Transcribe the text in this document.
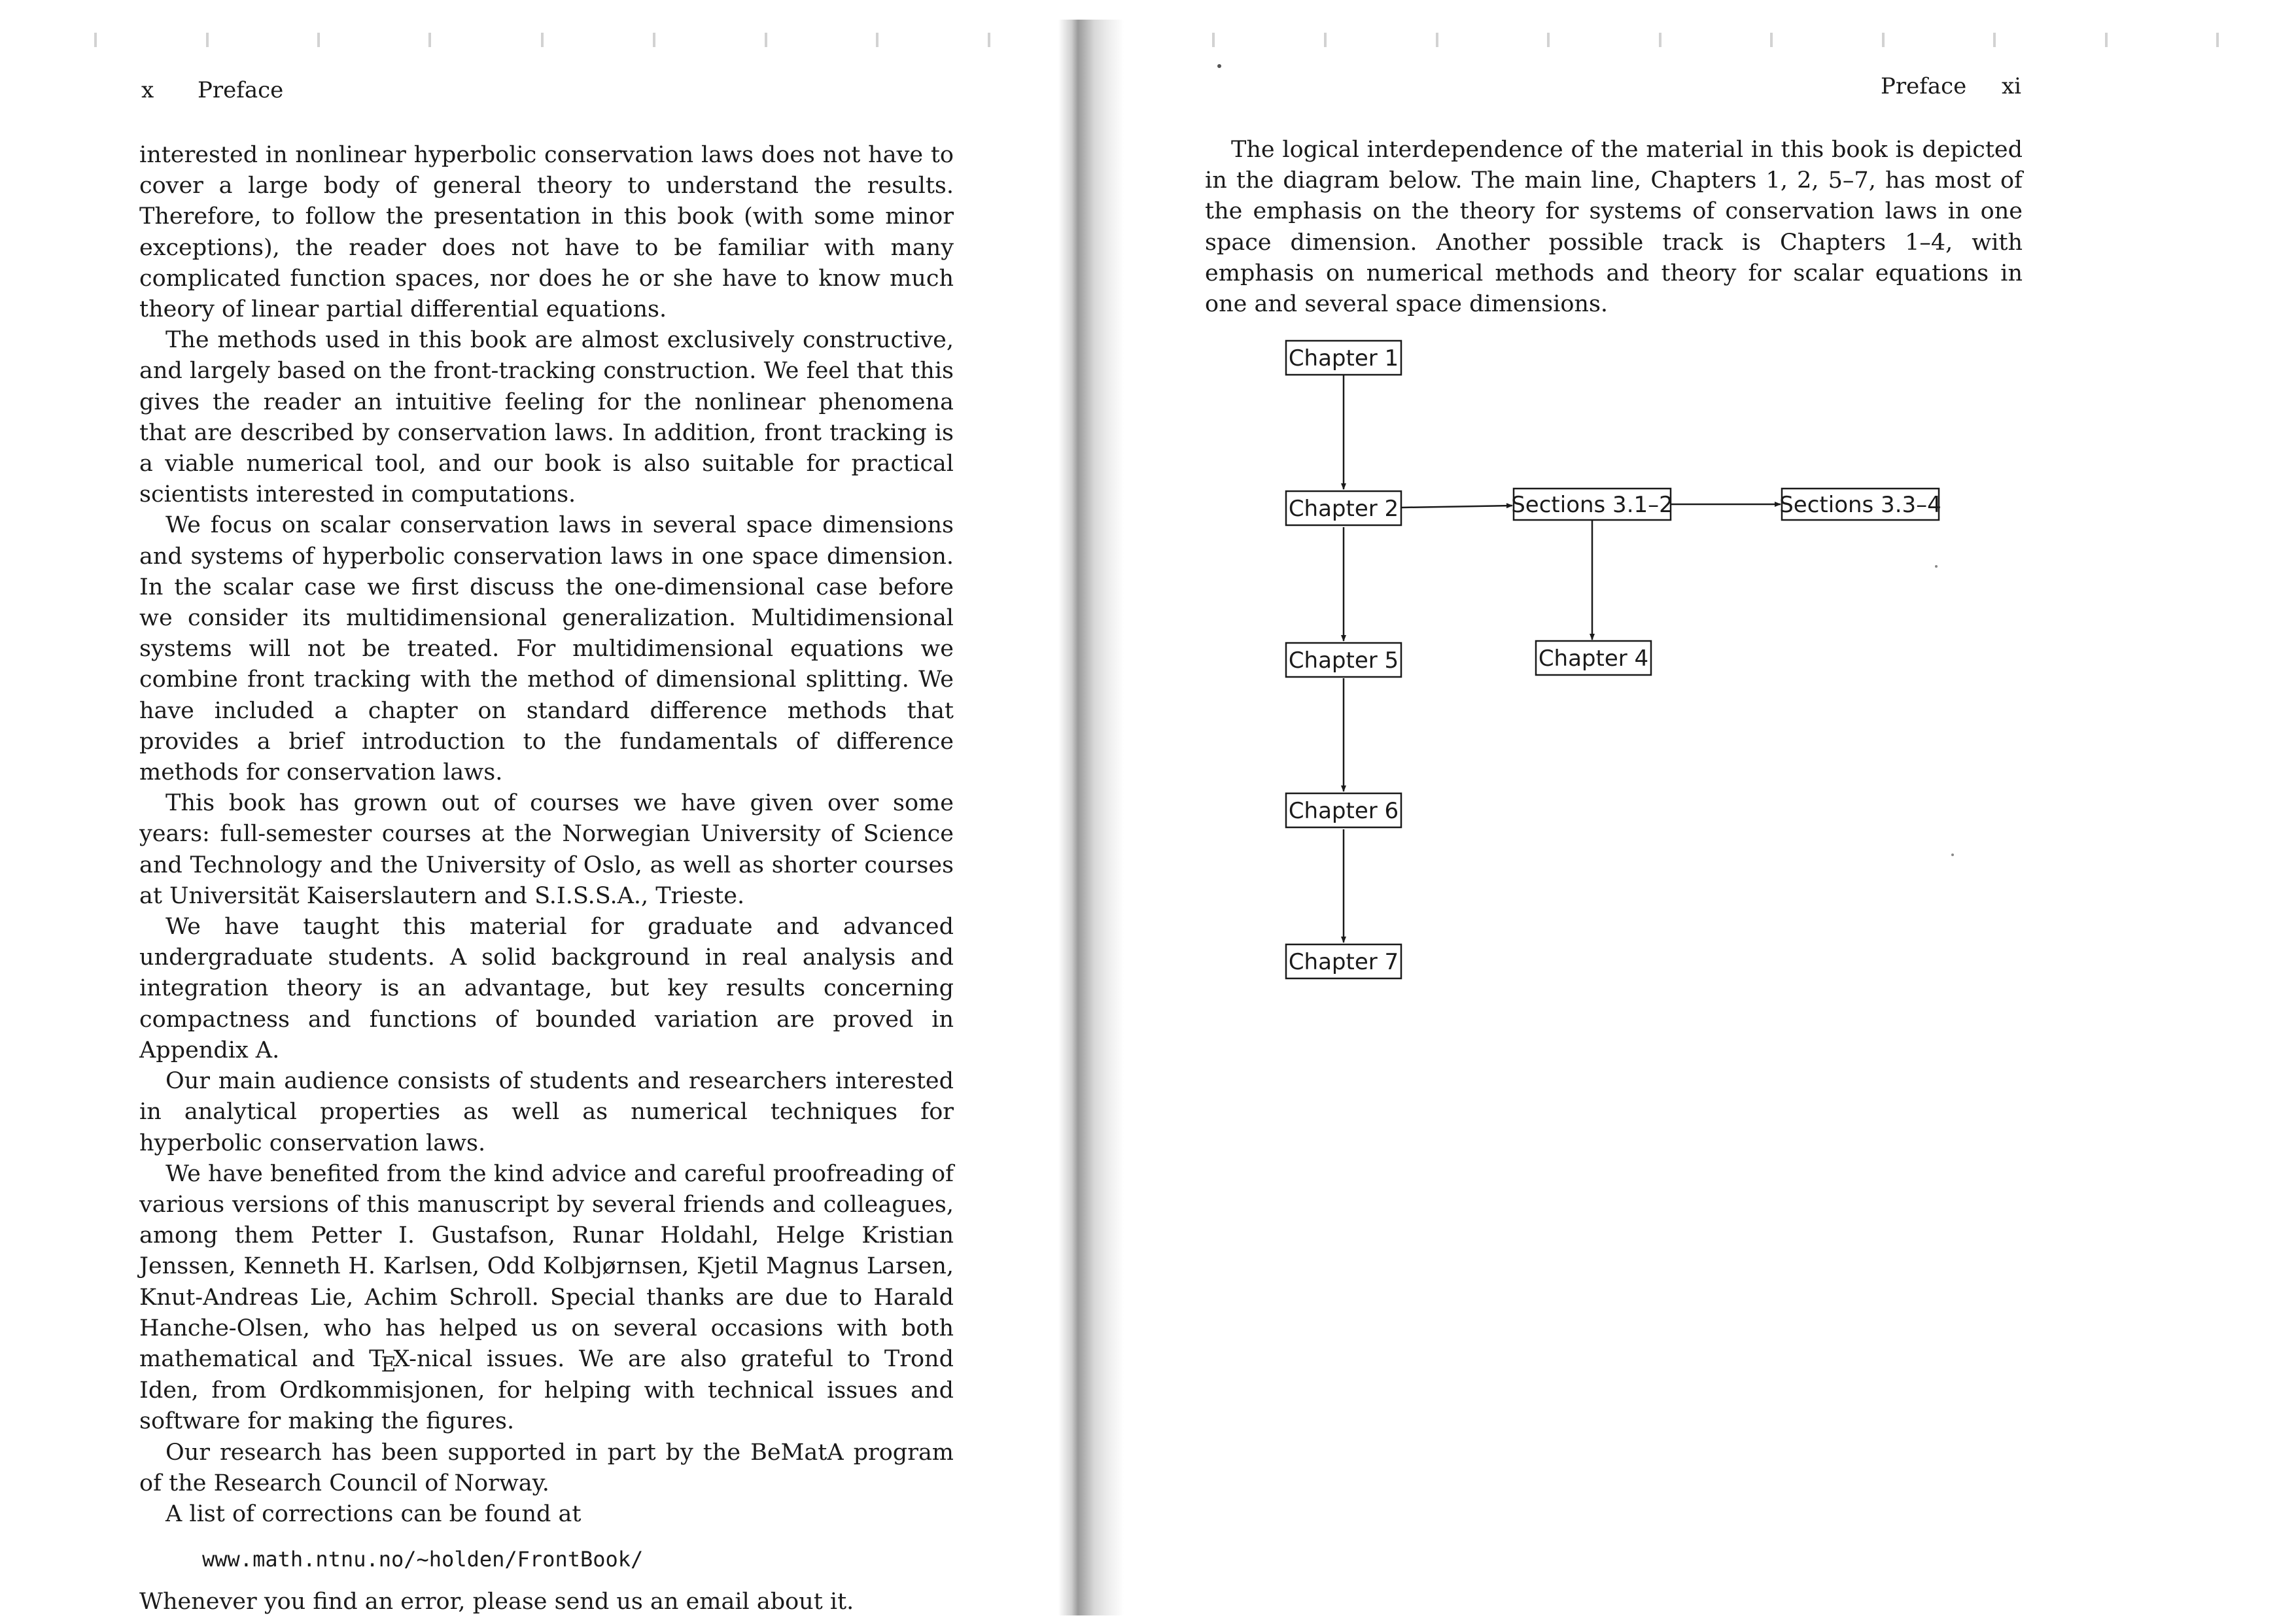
x Preface

interested in nonlinear hyperbolic conservation laws does not have to cover a large body of general theory to understand the results. Therefore, to follow the presentation in this book (with some minor exceptions), the reader does not have to be familiar with many complicated function spaces, nor does he or she have to know much theory of linear partial differential equations.

The methods used in this book are almost exclusively constructive, and largely based on the front-tracking construction. We feel that this gives the reader an intuitive feeling for the nonlinear phenomena that are described by conservation laws. In addition, front tracking is a viable numerical tool, and our book is also suitable for practical scientists interested in computations.

We focus on scalar conservation laws in several space dimensions and systems of hyperbolic conservation laws in one space dimension. In the scalar case we first discuss the one-dimensional case before we consider its multidimensional generalization. Multidimensional systems will not be treated. For multidimensional equations we combine front tracking with the method of dimensional splitting. We have included a chapter on standard difference methods that provides a brief introduction to the fundamentals of difference methods for conservation laws.

This book has grown out of courses we have given over some years: full-semester courses at the Norwegian University of Science and Technology and the University of Oslo, as well as shorter courses at Universität Kaiserslautern and S.I.S.S.A., Trieste.

We have taught this material for graduate and advanced undergraduate students. A solid background in real analysis and integration theory is an advantage, but key results concerning compactness and functions of bounded variation are proved in Appendix A.

Our main audience consists of students and researchers interested in analytical properties as well as numerical techniques for hyperbolic conservation laws.

We have benefited from the kind advice and careful proofreading of various versions of this manuscript by several friends and colleagues, among them Petter I. Gustafson, Runar Holdahl, Helge Kristian Jenssen, Kenneth H. Karlsen, Odd Kolbjørnsen, Kjetil Magnus Larsen, Knut-Andreas Lie, Achim Schroll. Special thanks are due to Harald Hanche-Olsen, who has helped us on several occasions with both mathematical and TEX-nical issues. We are also grateful to Trond Iden, from Ordkommisjonen, for helping with technical issues and software for making the figures.

Our research has been supported in part by the BeMatA program of the Research Council of Norway.

A list of corrections can be found at

www.math.ntnu.no/~holden/FrontBook/

Whenever you find an error, please send us an email about it.

Preface xi

The logical interdependence of the material in this book is depicted in the diagram below. The main line, Chapters 1, 2, 5–7, has most of the emphasis on the theory for systems of conservation laws in one space dimension. Another possible track is Chapters 1–4, with emphasis on numerical methods and theory for scalar equations in one and several space dimensions.

Chapter 1
Chapter 2	Sections 3.1–2	Sections 3.3–4
Chapter 4
Chapter 5
Chapter 6
Chapter 7
